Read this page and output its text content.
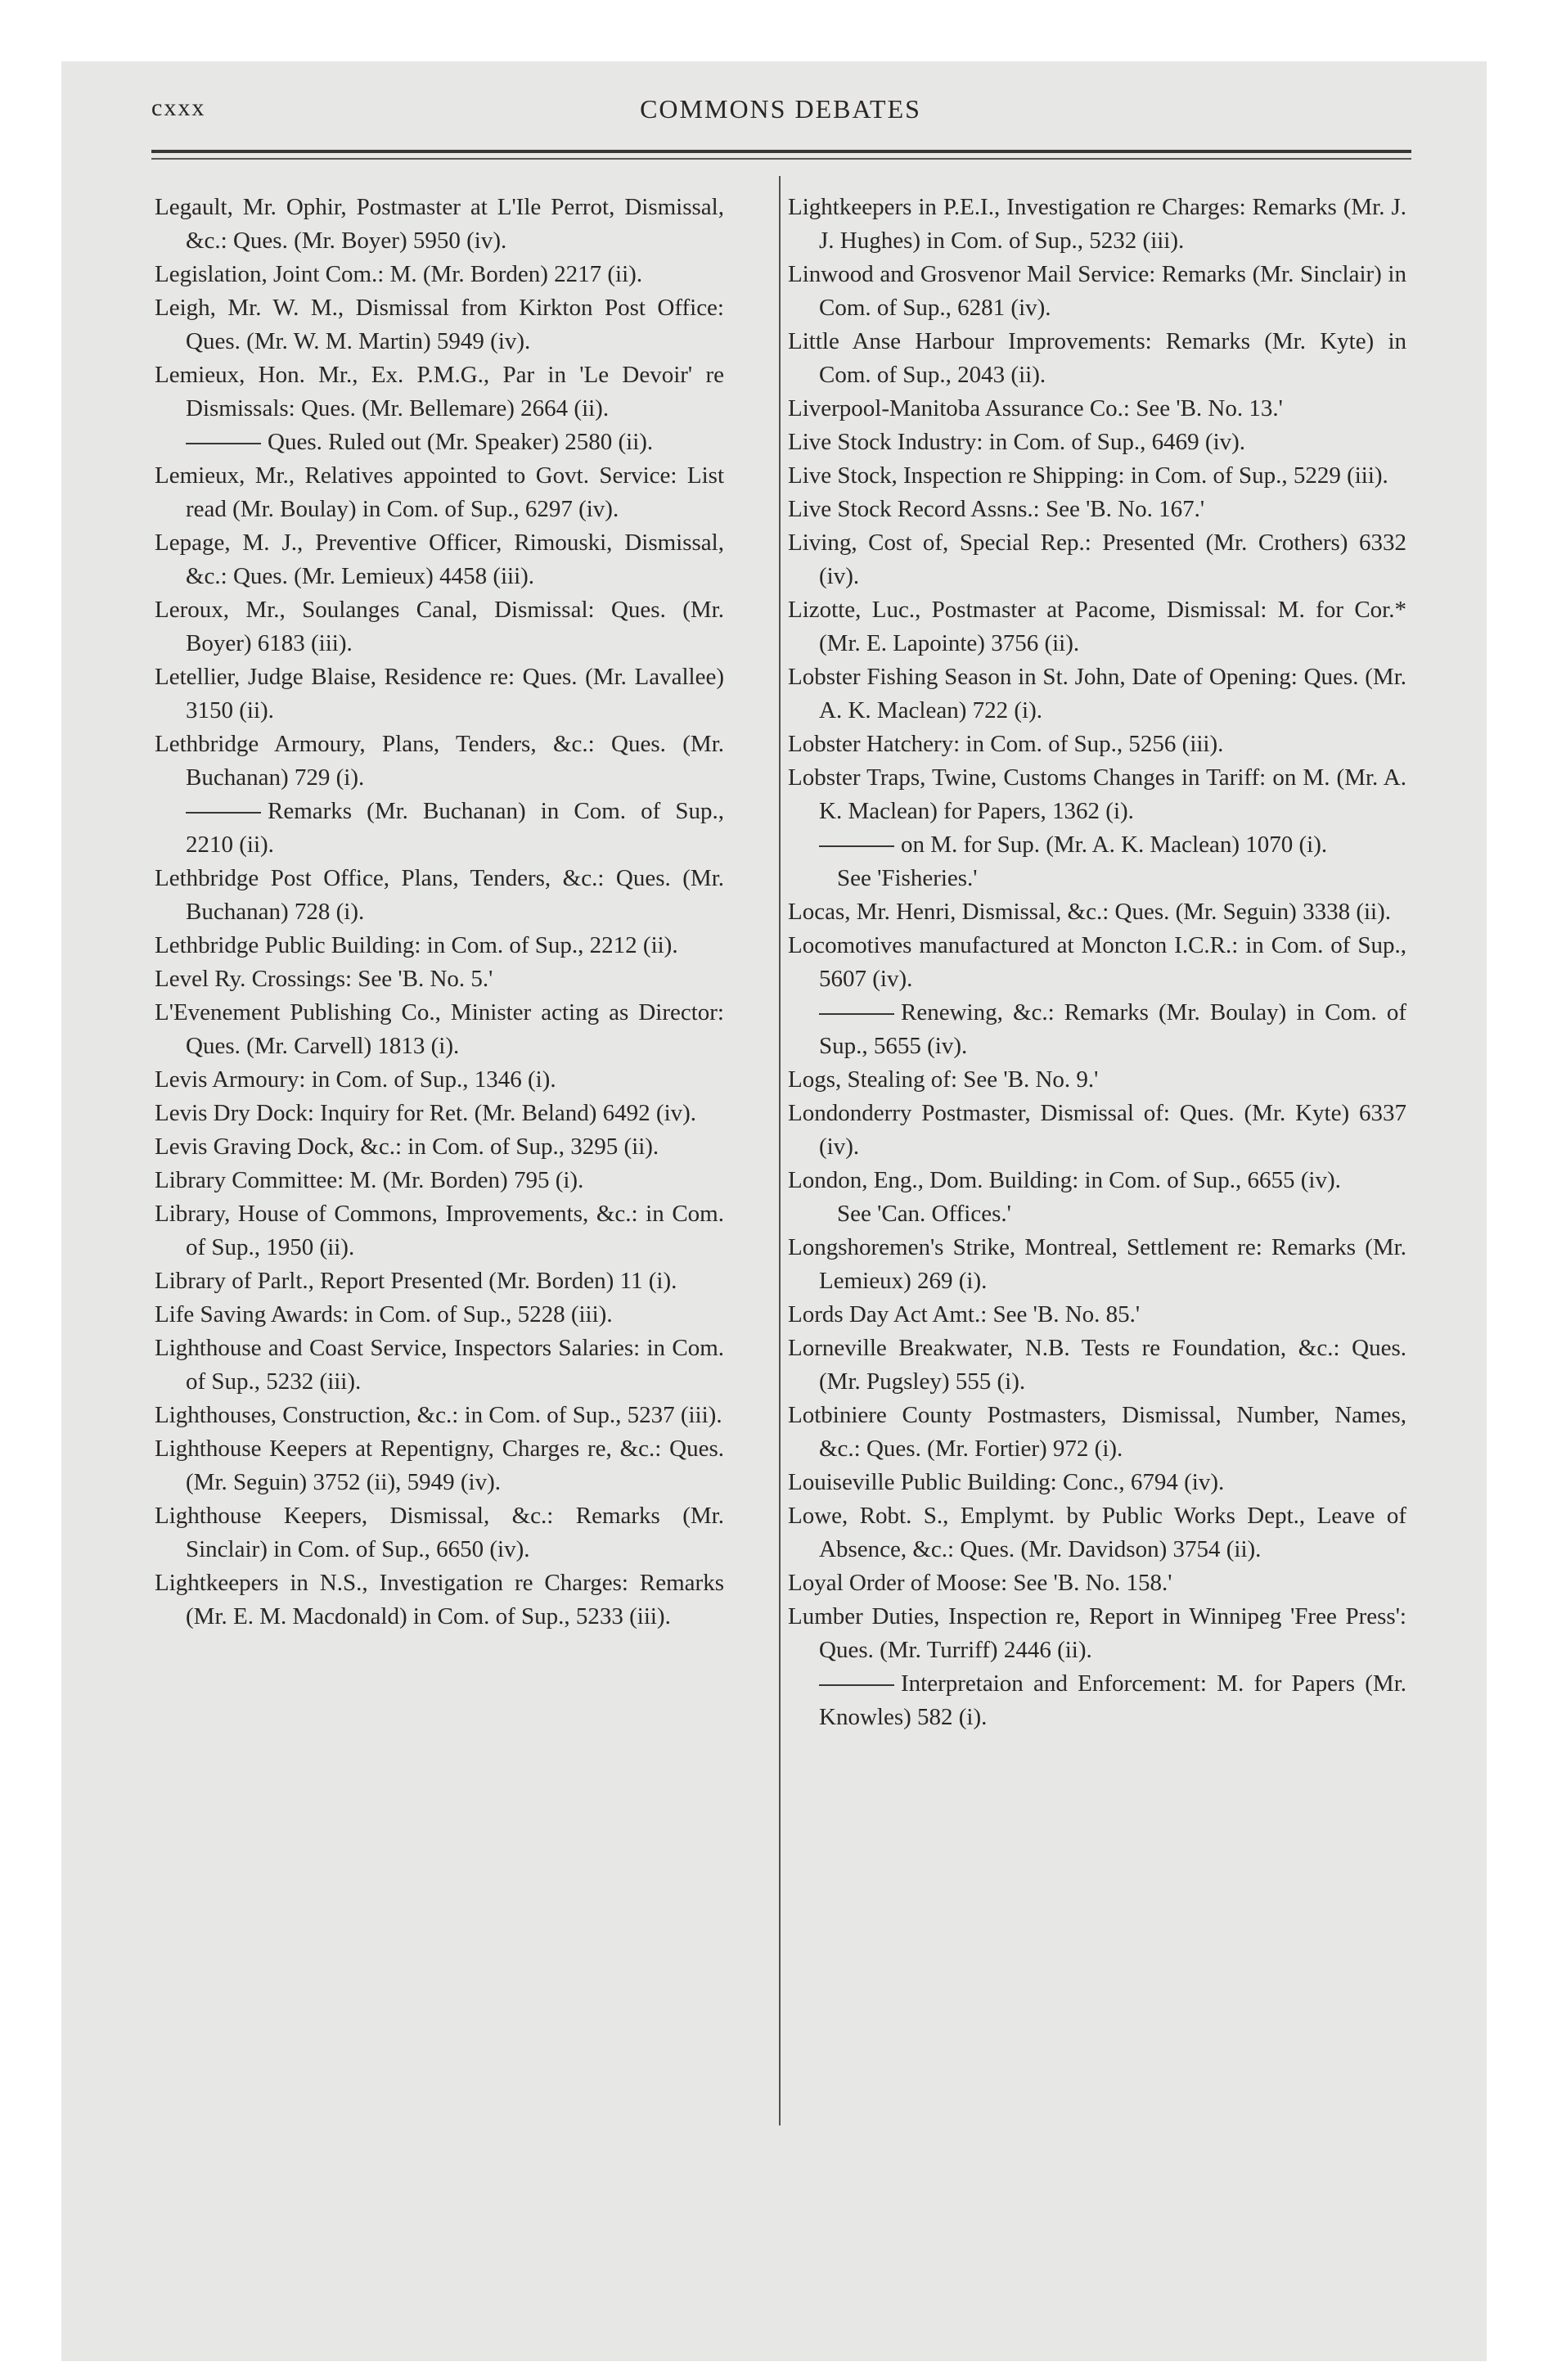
cxxx	COMMONS DEBATES

Legault, Mr. Ophir, Postmaster at L'Ile Perrot, Dismissal, &c.: Ques. (Mr. Boyer) 5950 (iv).

Legislation, Joint Com.: M. (Mr. Borden) 2217 (ii).

Leigh, Mr. W. M., Dismissal from Kirkton Post Office: Ques. (Mr. W. M. Martin) 5949 (iv).

Lemieux, Hon. Mr., Ex. P.M.G., Par in 'Le Devoir' re Dismissals: Ques. (Mr. Bellemare) 2664 (ii).

Ques. Ruled out (Mr. Speaker) 2580 (ii).

Lemieux, Mr., Relatives appointed to Govt. Service: List read (Mr. Boulay) in Com. of Sup., 6297 (iv).

Lepage, M. J., Preventive Officer, Rimouski, Dismissal, &c.: Ques. (Mr. Lemieux) 4458 (iii).

Leroux, Mr., Soulanges Canal, Dismissal: Ques. (Mr. Boyer) 6183 (iii).

Letellier, Judge Blaise, Residence re: Ques. (Mr. Lavallee) 3150 (ii).

Lethbridge Armoury, Plans, Tenders, &c.: Ques. (Mr. Buchanan) 729 (i).

Remarks (Mr. Buchanan) in Com. of Sup., 2210 (ii).

Lethbridge Post Office, Plans, Tenders, &c.: Ques. (Mr. Buchanan) 728 (i).

Lethbridge Public Building: in Com. of Sup., 2212 (ii).

Level Ry. Crossings: See 'B. No. 5.'

L'Evenement Publishing Co., Minister acting as Director: Ques. (Mr. Carvell) 1813 (i).

Levis Armoury: in Com. of Sup., 1346 (i).

Levis Dry Dock: Inquiry for Ret. (Mr. Beland) 6492 (iv).

Levis Graving Dock, &c.: in Com. of Sup., 3295 (ii).

Library Committee: M. (Mr. Borden) 795 (i).

Library, House of Commons, Improvements, &c.: in Com. of Sup., 1950 (ii).

Library of Parlt., Report Presented (Mr. Borden) 11 (i).

Life Saving Awards: in Com. of Sup., 5228 (iii).

Lighthouse and Coast Service, Inspectors Salaries: in Com. of Sup., 5232 (iii).

Lighthouses, Construction, &c.: in Com. of Sup., 5237 (iii).

Lighthouse Keepers at Repentigny, Charges re, &c.: Ques. (Mr. Seguin) 3752 (ii), 5949 (iv).

Lighthouse Keepers, Dismissal, &c.: Remarks (Mr. Sinclair) in Com. of Sup., 6650 (iv).

Lightkeepers in N.S., Investigation re Charges: Remarks (Mr. E. M. Macdonald) in Com. of Sup., 5233 (iii).

Lightkeepers in P.E.I., Investigation re Charges: Remarks (Mr. J. J. Hughes) in Com. of Sup., 5232 (iii).

Linwood and Grosvenor Mail Service: Remarks (Mr. Sinclair) in Com. of Sup., 6281 (iv).

Little Anse Harbour Improvements: Remarks (Mr. Kyte) in Com. of Sup., 2043 (ii).

Liverpool-Manitoba Assurance Co.: See 'B. No. 13.'

Live Stock Industry: in Com. of Sup., 6469 (iv).

Live Stock, Inspection re Shipping: in Com. of Sup., 5229 (iii).

Live Stock Record Assns.: See 'B. No. 167.'

Living, Cost of, Special Rep.: Presented (Mr. Crothers) 6332 (iv).

Lizotte, Luc., Postmaster at Pacome, Dismissal: M. for Cor.* (Mr. E. Lapointe) 3756 (ii).

Lobster Fishing Season in St. John, Date of Opening: Ques. (Mr. A. K. Maclean) 722 (i).

Lobster Hatchery: in Com. of Sup., 5256 (iii).

Lobster Traps, Twine, Customs Changes in Tariff: on M. (Mr. A. K. Maclean) for Papers, 1362 (i).

on M. for Sup. (Mr. A. K. Maclean) 1070 (i).

See 'Fisheries.'

Locas, Mr. Henri, Dismissal, &c.: Ques. (Mr. Seguin) 3338 (ii).

Locomotives manufactured at Moncton I.C.R.: in Com. of Sup., 5607 (iv).

Renewing, &c.: Remarks (Mr. Boulay) in Com. of Sup., 5655 (iv).

Logs, Stealing of: See 'B. No. 9.'

Londonderry Postmaster, Dismissal of: Ques. (Mr. Kyte) 6337 (iv).

London, Eng., Dom. Building: in Com. of Sup., 6655 (iv).

See 'Can. Offices.'

Longshoremen's Strike, Montreal, Settlement re: Remarks (Mr. Lemieux) 269 (i).

Lords Day Act Amt.: See 'B. No. 85.'

Lorneville Breakwater, N.B. Tests re Foundation, &c.: Ques. (Mr. Pugsley) 555 (i).

Lotbiniere County Postmasters, Dismissal, Number, Names, &c.: Ques. (Mr. Fortier) 972 (i).

Louiseville Public Building: Conc., 6794 (iv).

Lowe, Robt. S., Emplymt. by Public Works Dept., Leave of Absence, &c.: Ques. (Mr. Davidson) 3754 (ii).

Loyal Order of Moose: See 'B. No. 158.'

Lumber Duties, Inspection re, Report in Winnipeg 'Free Press': Ques. (Mr. Turriff) 2446 (ii).

Interpretaion and Enforcement: M. for Papers (Mr. Knowles) 582 (i).
